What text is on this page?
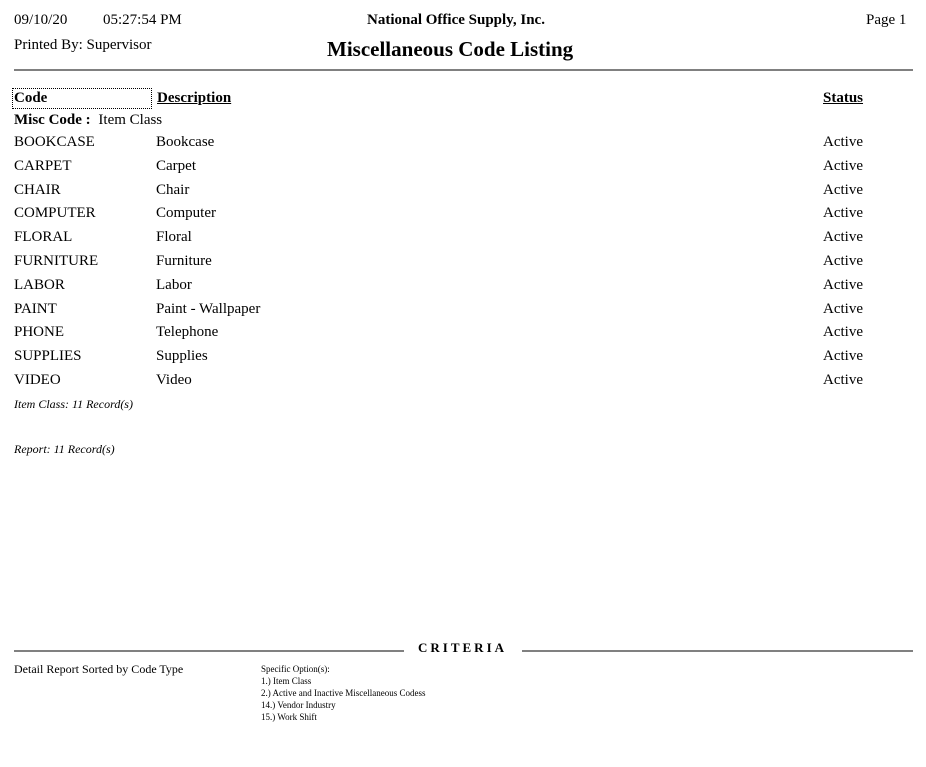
09/10/20 05:27:54 PM
Printed By: Supervisor
National Office Supply, Inc.
Miscellaneous Code Listing
Page 1
Code	Description	Status
Misc Code : Item Class
BOOKCASE	Bookcase	Active
CARPET	Carpet	Active
CHAIR	Chair	Active
COMPUTER	Computer	Active
FLORAL	Floral	Active
FURNITURE	Furniture	Active
LABOR	Labor	Active
PAINT	Paint - Wallpaper	Active
PHONE	Telephone	Active
SUPPLIES	Supplies	Active
VIDEO	Video	Active
Item Class: 11 Record(s)
Report: 11 Record(s)
CRITERIA
Detail Report Sorted by Code Type	Specific Option(s):
1.) Item Class
2.) Active and Inactive Miscellaneous Codess
14.) Vendor Industry
15.) Work Shift
